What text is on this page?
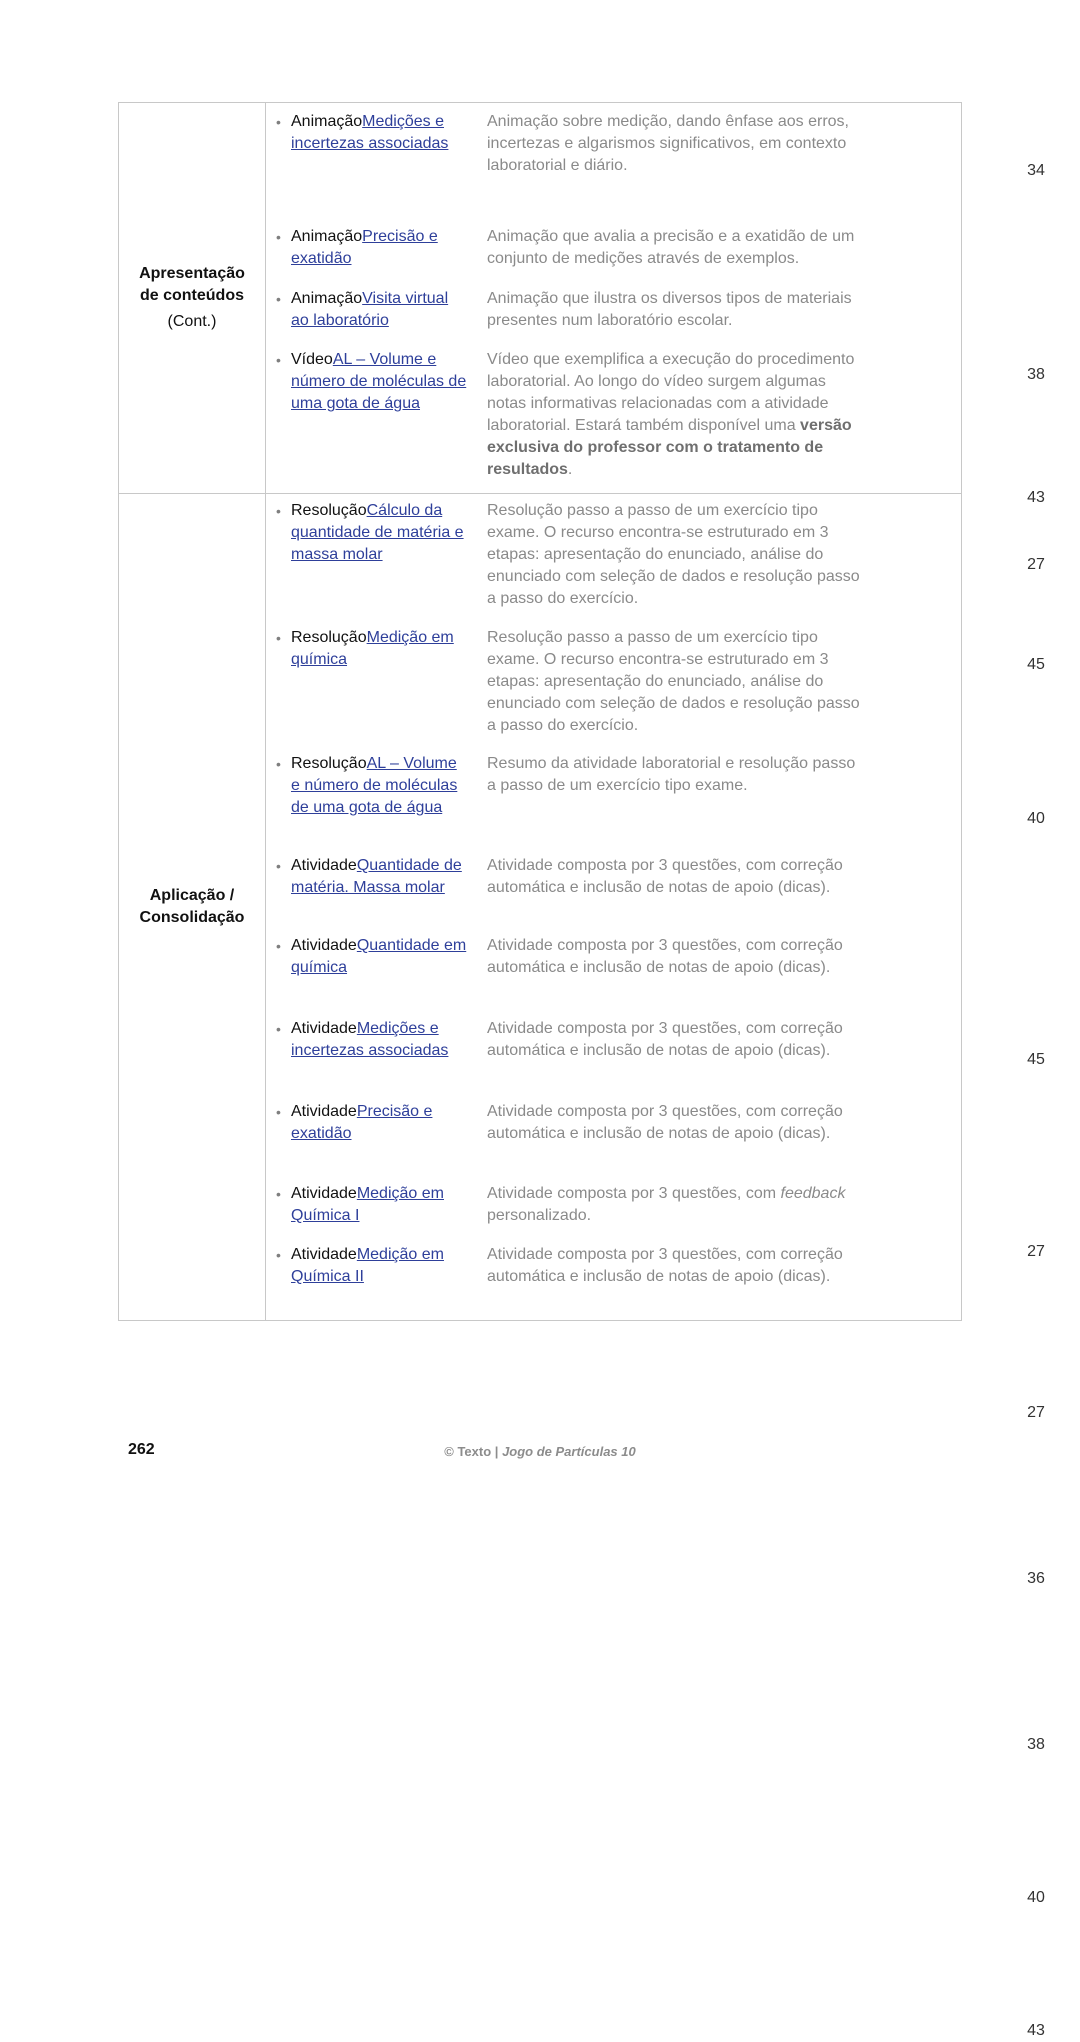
Apresentação de conteúdos
(Cont.)
• AnimaçãoMedições e incertezas associadas
Animação sobre medição, dando ênfase aos erros, incertezas e algarismos significativos, em contexto laboratorial e diário.	34
• AnimaçãoPrecisão e exatidão
Animação que avalia a precisão e a exatidão de um conjunto de medições através de exemplos.
38
• AnimaçãoVisita virtual ao laboratório
Animação que ilustra os diversos tipos de materiais presentes num laboratório escolar.
43
• VídeoAL – Volume e número de moléculas de uma gota de água
Vídeo que exemplifica a execução do procedimento laboratorial. Ao longo do vídeo surgem algumas notas informativas relacionadas com a atividade laboratorial. Estará também disponível uma versão exclusiva do professor com o tratamento de resultados.
45
Aplicação / Consolidação
• ResoluçãoCálculo da quantidade de matéria e massa molar
Resolução passo a passo de um exercício tipo exame. O recurso encontra-se estruturado em 3 etapas: apresentação do enunciado, análise do enunciado com seleção de dados e resolução passo a passo do exercício.
27
• ResoluçãoMedição em química
Resolução passo a passo de um exercício tipo exame. O recurso encontra-se estruturado em 3 etapas: apresentação do enunciado, análise do enunciado com seleção de dados e resolução passo a passo do exercício.
40
• ResoluçãoAL – Volume e número de moléculas de uma gota de água
Resumo da atividade laboratorial e resolução passo a passo de um exercício tipo exame.
45
• AtividadeQuantidade de matéria. Massa molar
Atividade composta por 3 questões, com correção automática e inclusão de notas de apoio (dicas).
27
• AtividadeQuantidade em química
Atividade composta por 3 questões, com correção automática e inclusão de notas de apoio (dicas).
27
• AtividadeMedições e incertezas associadas
Atividade composta por 3 questões, com correção automática e inclusão de notas de apoio (dicas).
36
• AtividadePrecisão e exatidão
Atividade composta por 3 questões, com correção automática e inclusão de notas de apoio (dicas).
38
• AtividadeMedição em Química I
Atividade composta por 3 questões, com feedback personalizado.
40
• AtividadeMedição em Química II
Atividade composta por 3 questões, com correção automática e inclusão de notas de apoio (dicas).
43
262	© Texto | Jogo de Partículas 10
